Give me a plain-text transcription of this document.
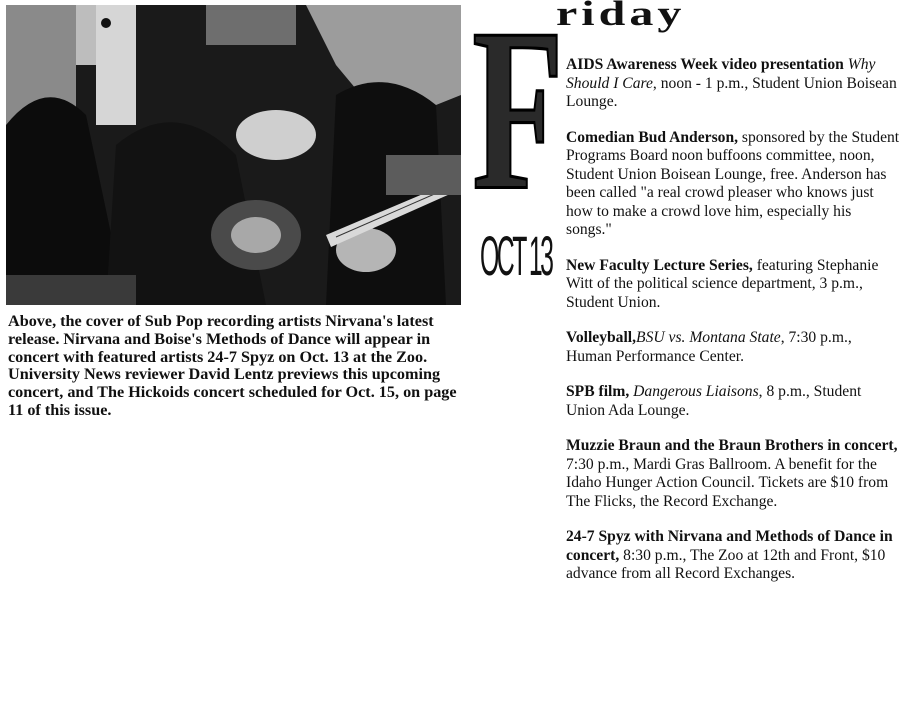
Above, the cover of Sub Pop recording artists Nirvana's latest release. Nirvana and Boise's Methods of Dance will appear in concert with featured artists 24-7 Spyz on Oct. 13 at the Zoo. University News reviewer David Lentz previews this upcoming concert, and The Hickoids concert scheduled for Oct. 15, on page 11 of this issue.

F
riday
OCT 13

AIDS Awareness Week video presentation Why Should I Care, noon - 1 p.m., Student Union Boisean Lounge.

Comedian Bud Anderson, sponsored by the Student Programs Board noon buffoons committee, noon, Student Union Boisean Lounge, free. Anderson has been called "a real crowd pleaser who knows just how to make a crowd love him, especially his songs."

New Faculty Lecture Series, featuring Stephanie Witt of the political science department, 3 p.m., Student Union.

Volleyball,BSU vs. Montana State, 7:30 p.m., Human Performance Center.

SPB film, Dangerous Liaisons, 8 p.m., Student Union Ada Lounge.

Muzzie Braun and the Braun Brothers in concert, 7:30 p.m., Mardi Gras Ballroom. A benefit for the Idaho Hunger Action Council. Tickets are $10 from The Flicks, the Record Exchange.

24-7 Spyz with Nirvana and Methods of Dance in concert, 8:30 p.m., The Zoo at 12th and Front, $10 advance from all Record Exchanges.
